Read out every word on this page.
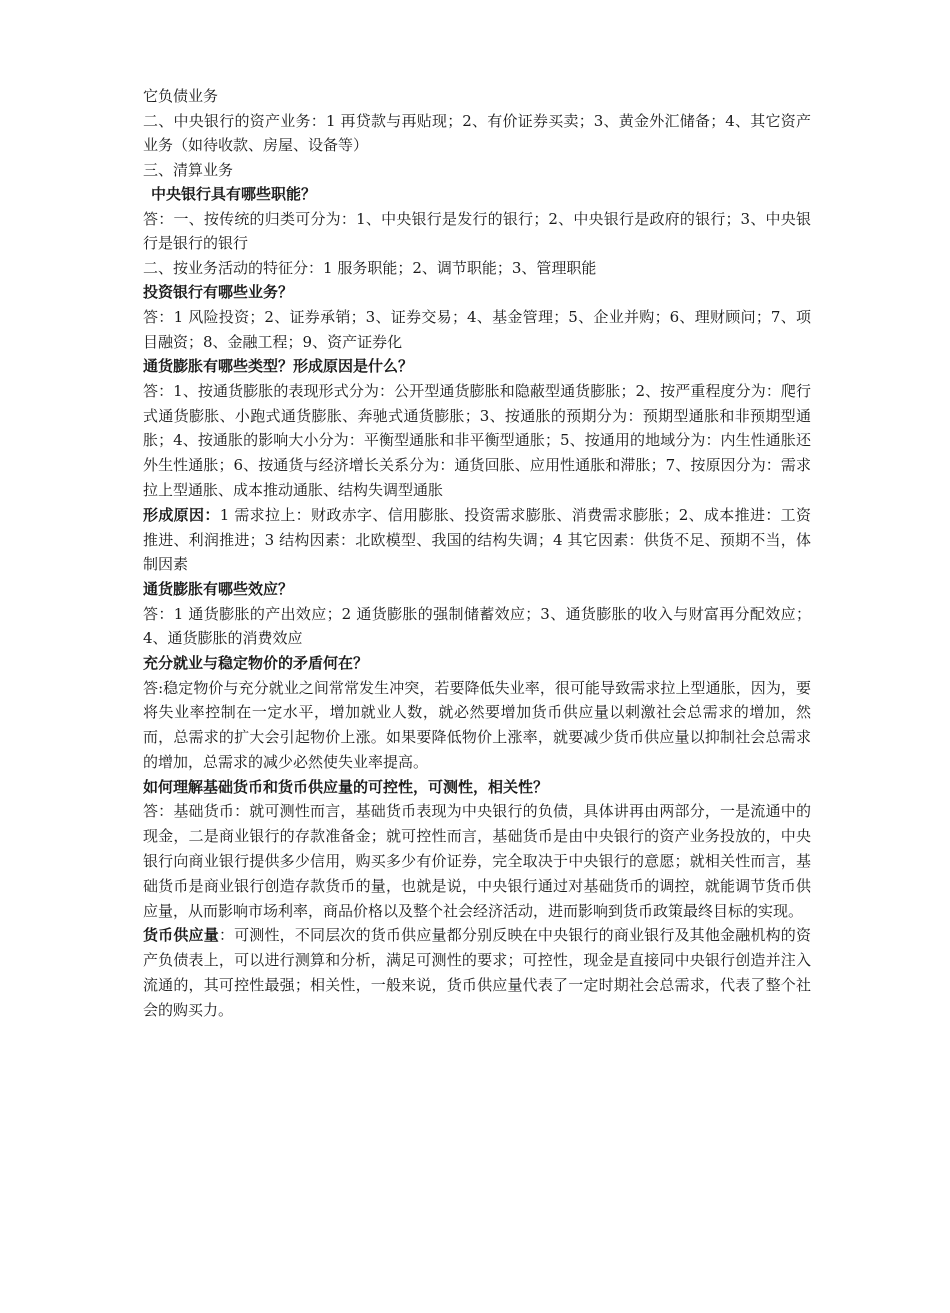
它负债业务
二、中央银行的资产业务：1 再贷款与再贴现；2、有价证券买卖；3、黄金外汇储备；4、其它资产业务（如待收款、房屋、设备等）
三、清算业务
中央银行具有哪些职能？
答：一、按传统的归类可分为：1、中央银行是发行的银行；2、中央银行是政府的银行；3、中央银行是银行的银行
二、按业务活动的特征分：1 服务职能；2、调节职能；3、管理职能
投资银行有哪些业务？
答：1 风险投资；2、证券承销；3、证券交易；4、基金管理；5、企业并购；6、理财顾问；7、项目融资；8、金融工程；9、资产证券化
通货膨胀有哪些类型？形成原因是什么？
答：1、按通货膨胀的表现形式分为：公开型通货膨胀和隐蔽型通货膨胀；2、按严重程度分为：爬行式通货膨胀、小跑式通货膨胀、奔驰式通货膨胀；3、按通胀的预期分为：预期型通胀和非预期型通胀；4、按通胀的影响大小分为：平衡型通胀和非平衡型通胀；5、按通用的地域分为：内生性通胀还外生性通胀；6、按通货与经济增长关系分为：通货回胀、应用性通胀和滞胀；7、按原因分为：需求拉上型通胀、成本推动通胀、结构失调型通胀
形成原因：1 需求拉上：财政赤字、信用膨胀、投资需求膨胀、消费需求膨胀；2、成本推进：工资推进、利润推进；3 结构因素：北欧模型、我国的结构失调；4 其它因素：供货不足、预期不当，体制因素
通货膨胀有哪些效应？
答：1 通货膨胀的产出效应；2 通货膨胀的强制储蓄效应；3、通货膨胀的收入与财富再分配效应；4、通货膨胀的消费效应
充分就业与稳定物价的矛盾何在？
答:稳定物价与充分就业之间常常发生冲突，若要降低失业率，很可能导致需求拉上型通胀，因为，要将失业率控制在一定水平，增加就业人数，就必然要增加货币供应量以刺激社会总需求的增加，然而，总需求的扩大会引起物价上涨。如果要降低物价上涨率，就要减少货币供应量以抑制社会总需求的增加，总需求的减少必然使失业率提高。
如何理解基础货币和货币供应量的可控性，可测性，相关性？
答：基础货币：就可测性而言，基础货币表现为中央银行的负债，具体讲再由两部分，一是流通中的现金，二是商业银行的存款准备金；就可控性而言，基础货币是由中央银行的资产业务投放的，中央银行向商业银行提供多少信用，购买多少有价证券，完全取决于中央银行的意愿；就相关性而言，基础货币是商业银行创造存款货币的量，也就是说，中央银行通过对基础货币的调控，就能调节货币供应量，从而影响市场利率，商品价格以及整个社会经济活动，进而影响到货币政策最终目标的实现。
货币供应量：可测性，不同层次的货币供应量都分别反映在中央银行的商业银行及其他金融机构的资产负债表上，可以进行测算和分析，满足可测性的要求；可控性，现金是直接同中央银行创造并注入流通的，其可控性最强；相关性，一般来说，货币供应量代表了一定时期社会总需求，代表了整个社会的购买力。
